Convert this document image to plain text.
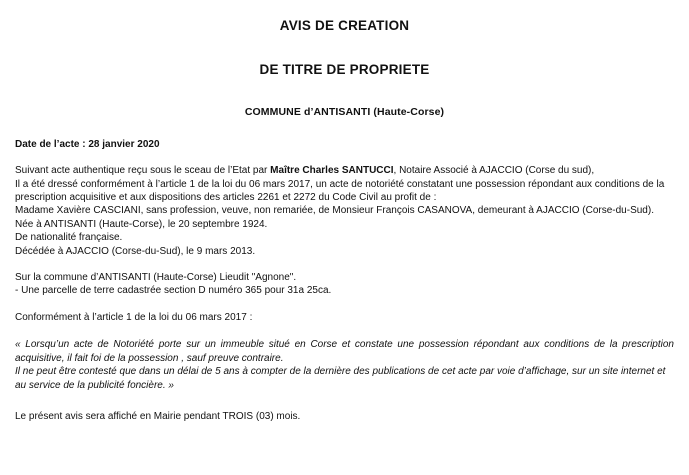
AVIS DE CREATION
DE TITRE DE PROPRIETE
COMMUNE d’ANTISANTI (Haute-Corse)
Date de l’acte : 28 janvier 2020
Suivant acte authentique reçu sous le sceau de l’Etat par Maître Charles SANTUCCI, Notaire Associé à AJACCIO (Corse du sud),
Il a été dressé conformément à l’article 1 de la loi du 06 mars 2017, un acte de notoriété constatant une possession répondant aux conditions de la prescription acquisitive et aux dispositions des articles 2261 et 2272 du Code Civil au profit de :
Madame Xavière CASCIANI, sans profession, veuve, non remariée, de Monsieur François CASANOVA, demeurant à AJACCIO (Corse-du-Sud).
Née à ANTISANTI (Haute-Corse), le 20 septembre 1924.
De nationalité française.
Décédée à AJACCIO (Corse-du-Sud), le 9 mars 2013.
Sur la commune d’ANTISANTI (Haute-Corse) Lieudit "Agnone".
- Une parcelle de terre cadastrée section D numéro 365 pour 31a 25ca.
Conformément à l’article 1 de la loi du 06 mars 2017 :

« Lorsqu’un acte de Notoriété porte sur un immeuble situé en Corse et constate une possession répondant aux conditions de la prescription acquisitive, il fait foi de la possession , sauf preuve contraire.

Il ne peut être contesté que dans un délai de 5 ans à compter de la dernière des publications de cet acte par voie d’affichage, sur un site internet et au service de la publicité foncière. »

Le présent avis sera affiché en Mairie pendant TROIS (03) mois.
